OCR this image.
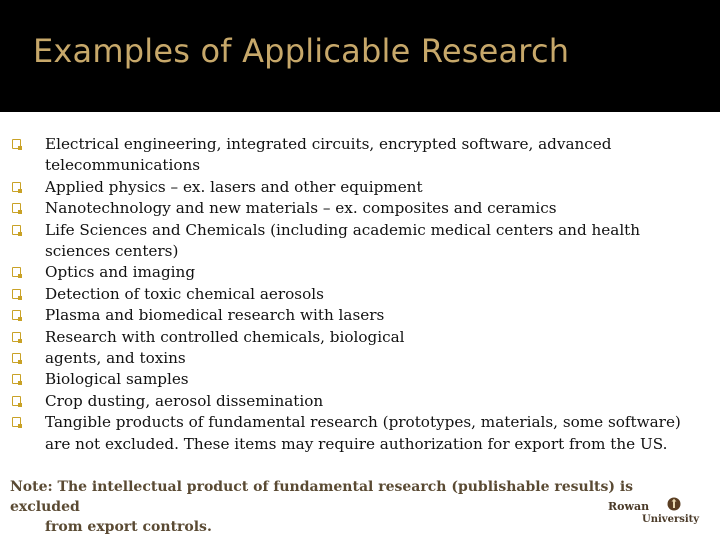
Examples of Applicable Research
Electrical engineering, integrated circuits, encrypted software, advanced telecommunications
Applied physics – ex. lasers and other equipment
Nanotechnology and new materials – ex. composites and ceramics
Life Sciences and Chemicals (including academic medical centers and health sciences centers)
Optics and imaging
Detection of toxic chemical aerosols
Plasma and biomedical research with lasers
Research with controlled chemicals, biological
agents, and toxins
Biological samples
Crop dusting, aerosol dissemination
Tangible products of fundamental research (prototypes, materials, some software) are not excluded. These items may require authorization for export from the US.

Note: The intellectual product of fundamental research (publishable results) is excluded
from export controls.

Rowan
University
